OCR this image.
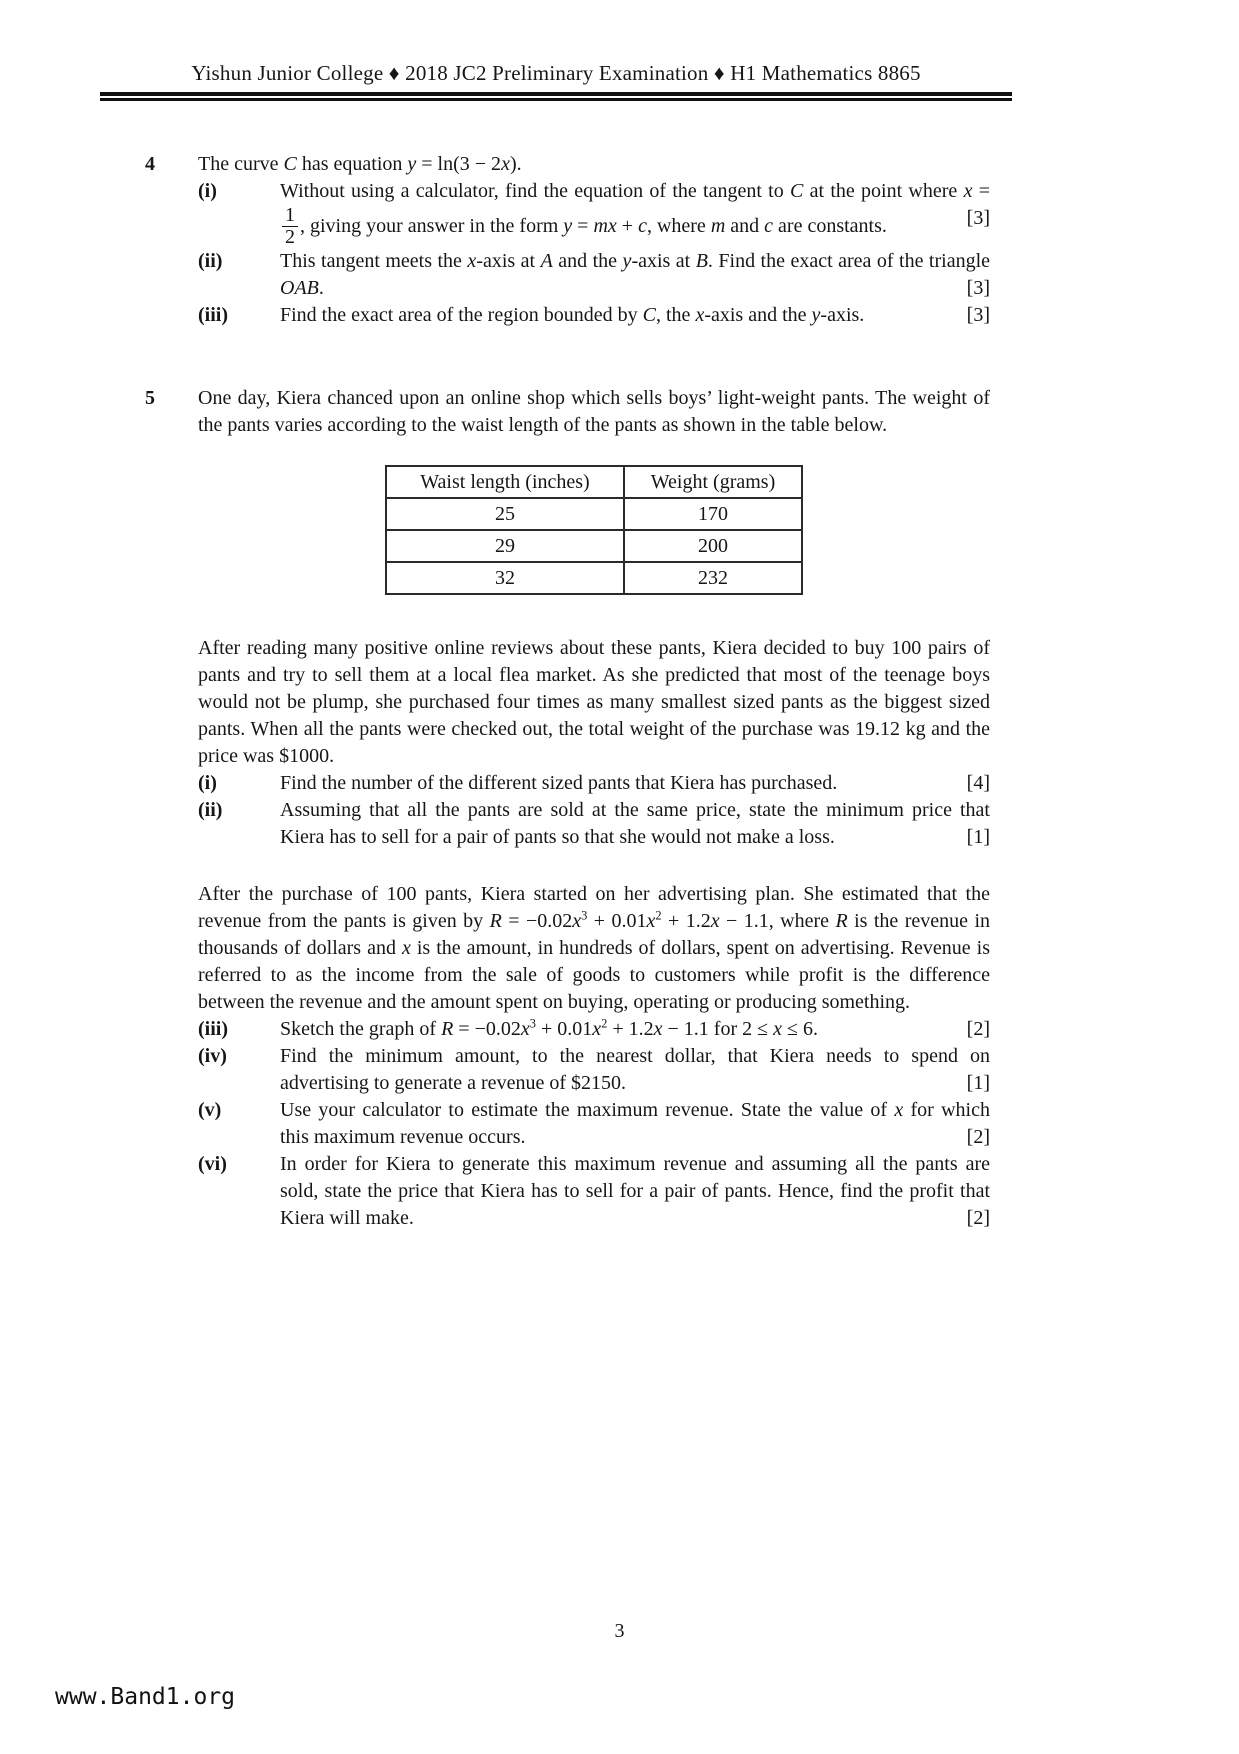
Yishun Junior College ♦ 2018 JC2 Preliminary Examination ♦ H1 Mathematics 8865
4	The curve C has equation y = ln(3 − 2x).

(i)	Without using a calculator, find the equation of the tangent to C at the point where x =
$\frac{1}{2}$ , giving your answer in the form y = mx + c, where m and c are constants.	[3]
(ii)	This tangent meets the x-axis at A and the y-axis at B. Find the exact area of the triangle OAB.	[3]
(iii)	Find the exact area of the region bounded by C, the x-axis and the y-axis.	[3]
5	One day, Kiera chanced upon an online shop which sells boys’ light-weight pants. The weight of the pants varies according to the waist length of the pants as shown in the table below.

Waist length (inches)	Weight (grams)
25	170
29	200
32	232

After reading many positive online reviews about these pants, Kiera decided to buy 100 pairs of pants and try to sell them at a local flea market. As she predicted that most of the teenage boys would not be plump, she purchased four times as many smallest sized pants as the biggest sized pants. When all the pants were checked out, the total weight of the purchase was 19.12 kg and the price was $1000.

(i)	Find the number of the different sized pants that Kiera has purchased.	[4]
(ii)	Assuming that all the pants are sold at the same price, state the minimum price that Kiera has to sell for a pair of pants so that she would not make a loss.	[1]

After the purchase of 100 pants, Kiera started on her advertising plan. She estimated that the revenue from the pants is given by $R = -0.02x^3 + 0.01x^2 + 1.2x - 1.1$, where R is the revenue in thousands of dollars and x is the amount, in hundreds of dollars, spent on advertising. Revenue is referred to as the income from the sale of goods to customers while profit is the difference between the revenue and the amount spent on buying, operating or producing something.

(iii)	Sketch the graph of $R = -0.02x^3 + 0.01x^2 + 1.2x - 1.1$ for 2 ≤ x ≤ 6.	[2]
(iv)	Find the minimum amount, to the nearest dollar, that Kiera needs to spend on advertising to generate a revenue of $2150.	[1]
(v)	Use your calculator to estimate the maximum revenue. State the value of x for which this maximum revenue occurs.	[2]
(vi)	In order for Kiera to generate this maximum revenue and assuming all the pants are sold, state the price that Kiera has to sell for a pair of pants. Hence, find the profit that Kiera will make.	[2]
3
www.Band1.org
